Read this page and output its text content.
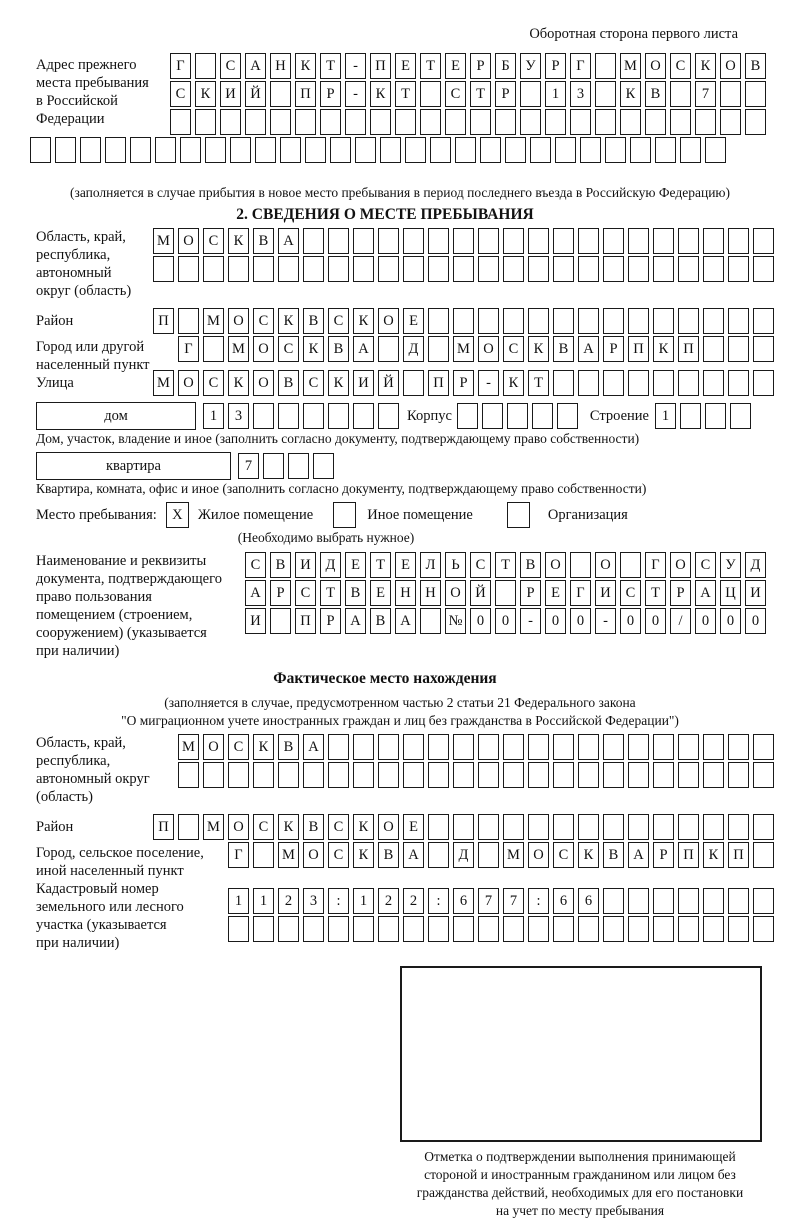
Оборотная сторона первого листа
Адрес прежнего
места пребывания
в Российской
Федерации
Г	С	А	Н	К	Т	-	П	Е	Т	Е	Р	Б	У	Р	Г	М О	С	К	О	В
С	К	И	Й	П	Р	-	К	Т	С	Т	Р	1	3	К	В	7
(заполняется в случае прибытия в новое место пребывания в период последнего въезда в Российскую Федерацию)
2. СВЕДЕНИЯ О МЕСТЕ ПРЕБЫВАНИЯ
Область, край,
республика,
автономный
округ (область)
М О	С	К	В	А
Район	П	М О	С	К	В	С	К	О	Е
Город или другой
населенный пункт
Г	М О	С	К	В	А	Д	М О	С	К	В	А	Р	П	К	П
Улица	М О	С	К	О	В	С	К	И	Й	П	Р	-	К	Т
дом	1	3	Корпус	Строение 1
Дом, участок, владение и иное (заполнить согласно документу, подтверждающему право собственности)
квартира	7
Квартира, комната, офис и иное (заполнить согласно документу, подтверждающему право собственности)
Место пребывания:	X	Жилое помещение	Иное помещение	Организация
(Необходимо выбрать нужное)
Наименование и реквизиты
документа, подтверждающего
право пользования
помещением (строением,
сооружением) (указывается
при наличии)
С	В	И	Д	Е	Т	Е	Л	Ь	С	Т	В	О	О	Г	О	С	У	Д
А	Р	С	Т	В	Е	Н	Н	О	Й	Р	Е	Г	И	С	Т	Р	А	Ц	И
И	П	Р	А	В	А	№ 0	0	-	0	0	-	0	0	/	0	0	0
Фактическое место нахождения
(заполняется в случае, предусмотренном частью 2 статьи 21 Федерального закона
"О миграционном учете иностранных граждан и лиц без гражданства в Российской Федерации")
Область, край,
республика,
автономный округ
(область)
М О	С	К	В	А
Район	П	М О	С	К	В	С	К	О	Е
Город, сельское поселение,
иной населенный пункт
Г	М О	С	К	В	А	Д	М О	С	К	В	А	Р	П	К	П
Кадастровый номер
земельного или лесного
участка (указывается
при наличии)
1	1	2	3	:	1	2	2	:	6	7	7	:	6	6
Отметка о подтверждении выполнения принимающей
стороной и иностранным гражданином или лицом без
гражданства действий, необходимых для его постановки
на учет по месту пребывания
